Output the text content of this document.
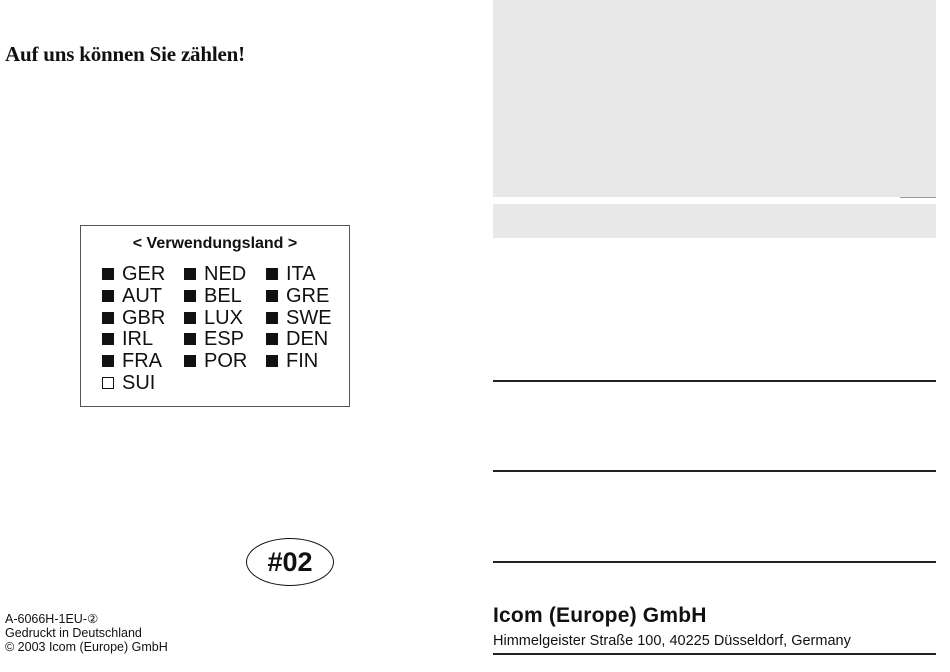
Auf uns können Sie zählen!
< Verwendungsland >
GER
AUT
GBR
IRL
FRA
SUI
NED
BEL
LUX
ESP
POR
ITA
GRE
SWE
DEN
FIN
#02
A-6066H-1EU-②
Gedruckt in Deutschland
© 2003 Icom (Europe) GmbH
Icom (Europe) GmbH
Himmelgeister Straße 100, 40225 Düsseldorf, Germany
